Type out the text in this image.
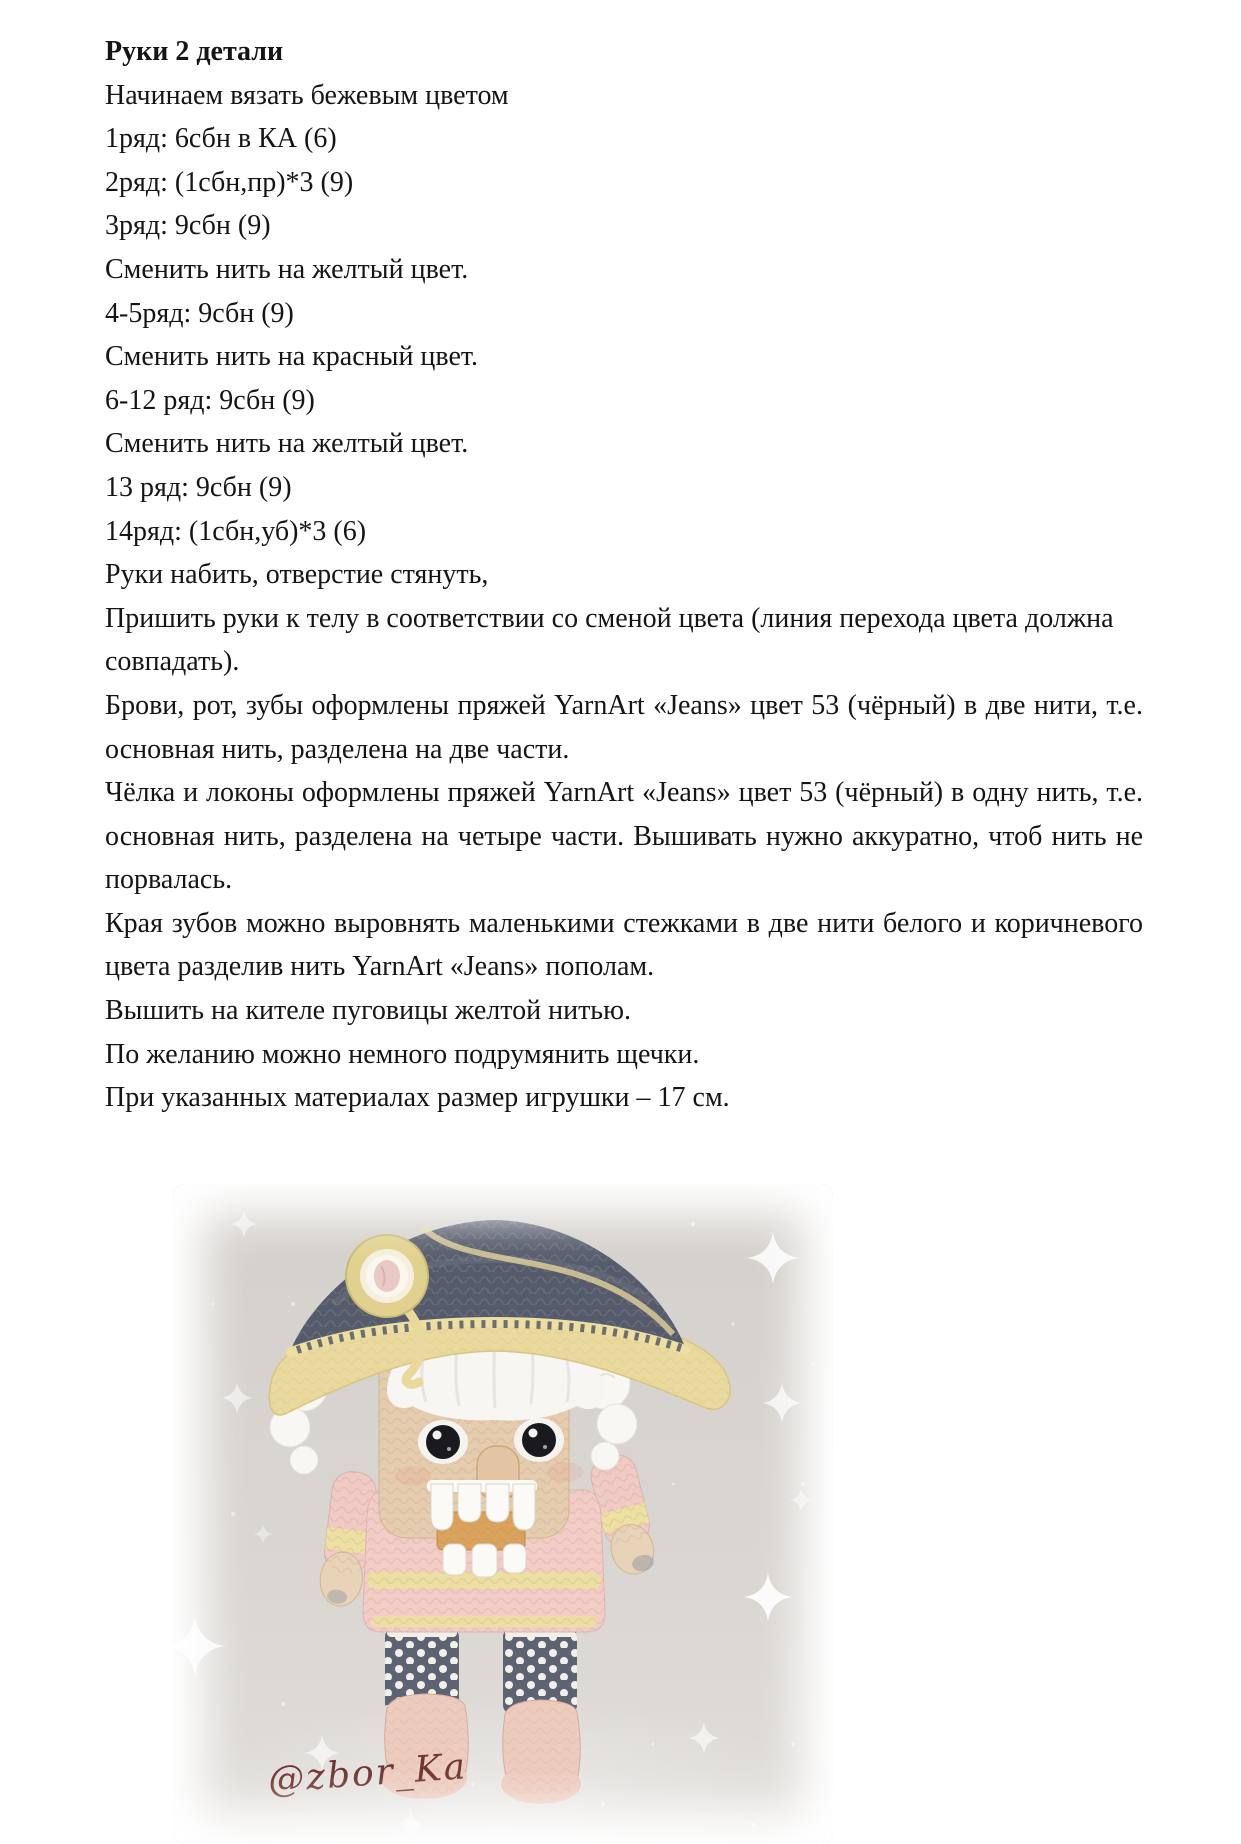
Руки 2 детали

Начинаем вязать бежевым цветом

1ряд: 6сбн в КА (6)

2ряд: (1сбн,пр)*3 (9)

3ряд: 9сбн (9)

Сменить нить на желтый цвет.

4-5ряд: 9сбн (9)

Сменить нить на красный цвет.

6-12 ряд: 9сбн (9)

Сменить нить на желтый цвет.

13 ряд: 9сбн (9)

14ряд: (1сбн,уб)*3 (6)

Руки набить, отверстие стянуть,

Пришить руки к телу в соответствии со сменой цвета (линия перехода цвета должна совпадать).

Брови, рот, зубы оформлены пряжей YarnArt «Jeans» цвет 53 (чёрный) в две нити, т.е. основная нить, разделена на две части.

Чёлка и локоны оформлены пряжей YarnArt «Jeans» цвет 53 (чёрный) в одну нить, т.е. основная нить, разделена на четыре части. Вышивать нужно аккуратно, чтоб нить не порвалась.

Края зубов можно выровнять маленькими стежками в две нити белого и коричневого цвета разделив нить YarnArt «Jeans» пополам.

Вышить на кителе пуговицы желтой нитью.

По желанию можно немного подрумянить щечки.

При указанных материалах размер игрушки – 17 см.

@zbor_Ka
